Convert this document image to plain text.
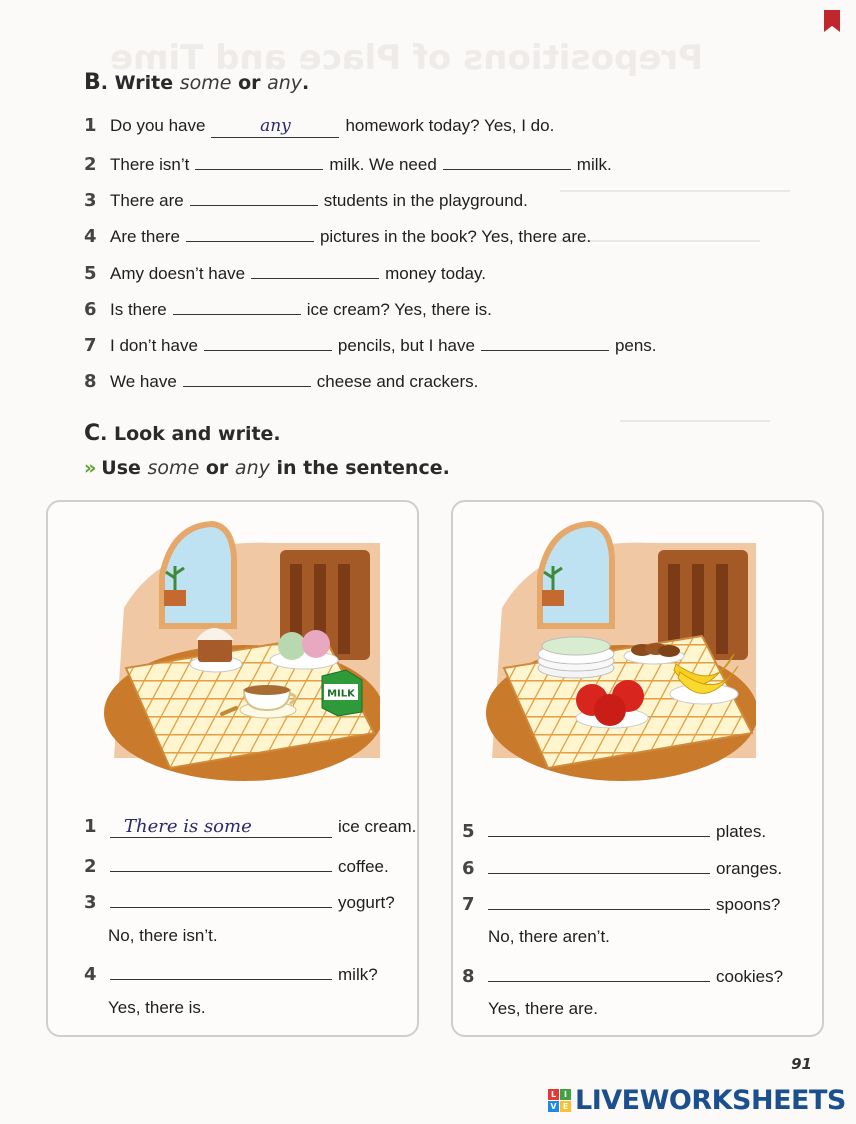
Prepositions of Place and Time
B. Write some or any.
1 Do you have	any	homework today? Yes, I do.
2 There isn’t	milk. We need	milk.
3 There are	students in the playground.
4 Are there	pictures in the book? Yes, there are.
5 Amy doesn’t have	money today.
6 Is there	ice cream? Yes, there is.
7 I don’t have	pencils, but I have	pens.
8 We have	cheese and crackers.
C. Look and write.
» Use some or any in the sentence.
MILK
1 There is some	ice cream.
2	coffee.
3	yogurt?
No, there isn’t.
4	milk?
Yes, there is.
5	plates.
6	oranges.
7	spoons?
No, there aren’t.
8	cookies?
Yes, there are.
91
L I
V E LIVEWORKSHEETS
